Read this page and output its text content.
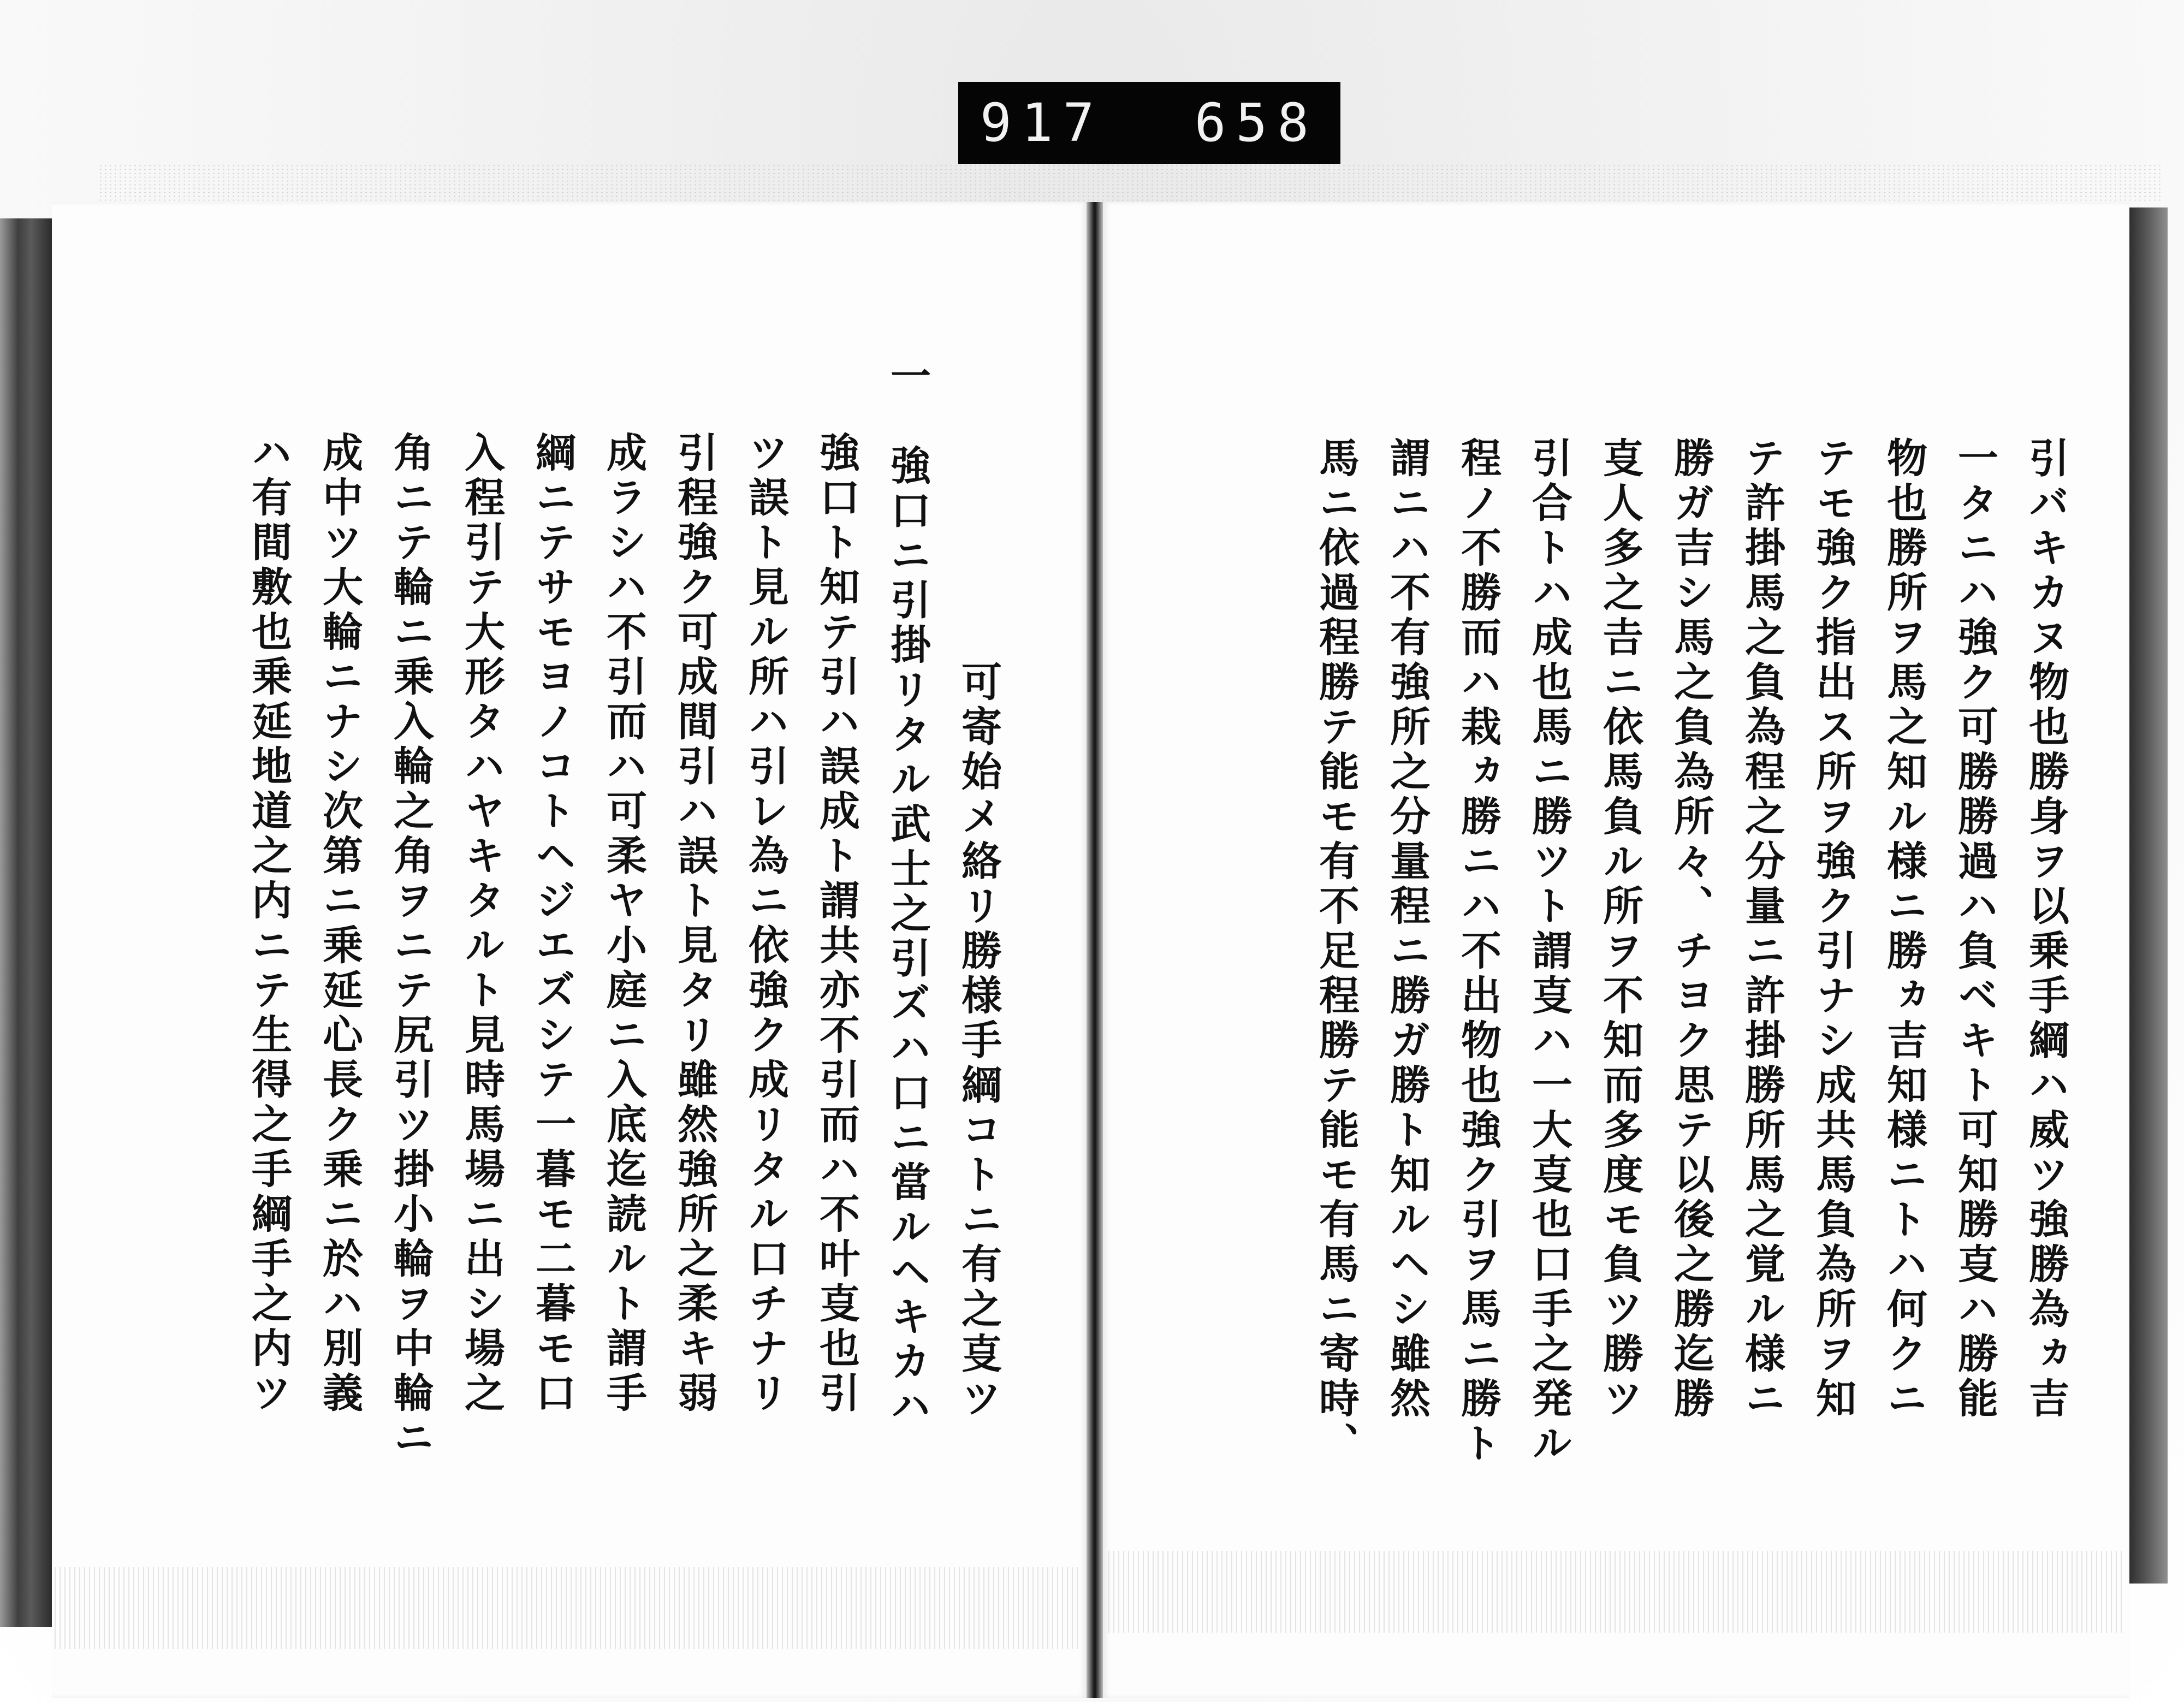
917 658
可寄始メ絡リ勝様手綱コトニ有之㕝ツ
一　強口ニ引掛リタル武士之引ズハ口ニ當ルヘキカハ
強口ト知テ引ハ誤成ト謂共亦不引而ハ不叶㕝也引
ツ誤ト見ル所ハ引レ為ニ依強ク成リタル口チナリ
引程強ク可成間引ハ誤ト見タリ雖然強所之柔キ弱
成ラシハ不引而ハ可柔ヤ小庭ニ入底迄読ルト謂手
綱ニテサモヨノコトヘジエズシテ一暮モ二暮モ口
入程引テ大形タハヤキタルト見時馬場ニ出シ場之
角ニテ輪ニ乗入輪之角ヲニテ尻引ツ掛小輪ヲ中輪ニ
成中ツ大輪ニナシ次第ニ乗延心長ク乗ニ於ハ別義
ハ有間敷也乗延地道之内ニテ生得之手綱手之内ツ	引バキカヌ物也勝身ヲ以乗手綱ハ威ツ強勝為ヵ吉
一タニハ強ク可勝勝過ハ負ベキト可知勝㕝ハ勝能
物也勝所ヲ馬之知ル様ニ勝ヵ吉知様ニトハ何クニ
テモ強ク指出ス所ヲ強ク引ナシ成共馬負為所ヲ知
テ許掛馬之負為程之分量ニ許掛勝所馬之覚ル様ニ
勝ガ吉シ馬之負為所々、チヨク思テ以後之勝迄勝
㕝人多之𠮷ニ依馬負ル所ヲ不知而多度モ負ツ勝ツ
引合トハ成也馬ニ勝ツト謂㕝ハ一大㕝也口手之発ル
程ノ不勝而ハ栽ヵ勝ニハ不出物也強ク引ヲ馬ニ勝ト
謂ニハ不有強所之分量程ニ勝ガ勝ト知ルヘシ雖然
馬ニ依過程勝テ能モ有不足程勝テ能モ有馬ニ寄時、
